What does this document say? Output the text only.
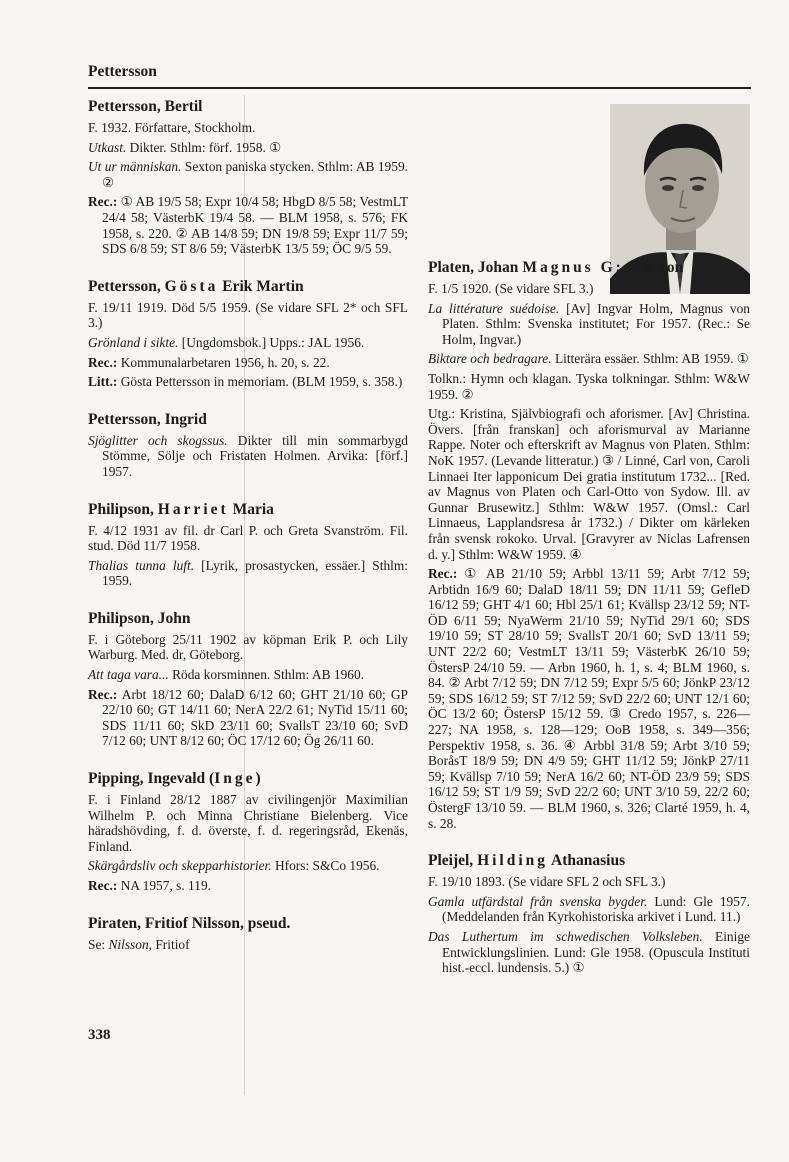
Pettersson
Pettersson, Bertil
F. 1932. Författare, Stockholm.
Utkast. Dikter. Sthlm: förf. 1958. ①
Ut ur människan. Sexton paniska stycken. Sthlm: AB 1959. ②
Rec.: ① AB 19/5 58; Expr 10/4 58; HbgD 8/5 58; VestmLT 24/4 58; VästerbK 19/4 58. — BLM 1958, s. 576; FK 1958, s. 220. ② AB 14/8 59; DN 19/8 59; Expr 11/7 59; SDS 6/8 59; ST 8/6 59; VästerbK 13/5 59; ÖC 9/5 59.
Pettersson, Gösta Erik Martin
F. 19/11 1919. Död 5/5 1959. (Se vidare SFL 2* och SFL 3.)
Grönland i sikte. [Ungdomsbok.] Upps.: JAL 1956.
Rec.: Kommunalarbetaren 1956, h. 20, s. 22.
Litt.: Gösta Pettersson in memoriam. (BLM 1959, s. 358.)
Pettersson, Ingrid
Sjöglitter och skogssus. Dikter till min sommarbygd Stömme, Sölje och Fristaten Holmen. Arvika: [förf.] 1957.
Philipson, Harriet Maria
F. 4/12 1931 av fil. dr Carl P. och Greta Svanström. Fil. stud. Död 11/7 1958.
Thalias tunna luft. [Lyrik, prosastycken, essäer.] Sthlm: 1959.
Philipson, John
F. i Göteborg 25/11 1902 av köpman Erik P. och Lily Warburg. Med. dr, Göteborg.
Att taga vara... Röda korsminnen. Sthlm: AB 1960.
Rec.: Arbt 18/12 60; DalaD 6/12 60; GHT 21/10 60; GP 22/10 60; GT 14/11 60; NerA 22/2 61; NyTid 15/11 60; SDS 11/11 60; SkD 23/11 60; SvallsT 23/10 60; SvD 7/12 60; UNT 8/12 60; ÖC 17/12 60; Ög 26/11 60.
Pipping, Ingevald (Inge)
F. i Finland 28/12 1887 av civilingenjör Maximilian Wilhelm P. och Minna Christiane Bielenberg. Vice häradshövding, f. d. överste, f. d. regeringsråd, Ekenäs, Finland.
Skärgårdsliv och skepparhistorier. Hfors: S&Co 1956.
Rec.: NA 1957, s. 119.
Piraten, Fritiof Nilsson, pseud.
Se: Nilsson, Fritiof
Platen, Johan Magnus G:son von
F. 1/5 1920. (Se vidare SFL 3.)
La littérature suédoise. [Av] Ingvar Holm, Magnus von Platen. Sthlm: Svenska institutet; For 1957. (Rec.: Se Holm, Ingvar.)
Biktare och bedragare. Litterära essäer. Sthlm: AB 1959. ①
Tolkn.: Hymn och klagan. Tyska tolkningar. Sthlm: W&W 1959. ②
Utg.: Kristina, Självbiografi och aforismer. [Av] Christina. Övers. [från franskan] och aforismurval av Marianne Rappe. Noter och efterskrift av Magnus von Platen. Sthlm: NoK 1957. (Levande litteratur.) ③ / Linné, Carl von, Caroli Linnaei Iter lapponicum Dei gratia institutum 1732... [Red. av Magnus von Platen och Carl-Otto von Sydow. Ill. av Gunnar Brusewitz.] Sthlm: W&W 1957. (Omsl.: Carl Linnaeus, Lapplandsresa år 1732.) / Dikter om kärleken från svensk rokoko. Urval. [Gravyrer av Niclas Lafrensen d. y.] Sthlm: W&W 1959. ④
Rec.: ① AB 21/10 59; Arbbl 13/11 59; Arbt 7/12 59; Arbtidn 16/9 60; DalaD 18/11 59; DN 11/11 59; GefleD 16/12 59; GHT 4/1 60; Hbl 25/1 61; Kvällsp 23/12 59; NT-ÖD 6/11 59; NyaWerm 21/10 59; NyTid 29/1 60; SDS 19/10 59; ST 28/10 59; SvallsT 20/1 60; SvD 13/11 59; UNT 22/2 60; VestmLT 13/11 59; VästerbK 26/10 59; ÖstersP 24/10 59. — Arbn 1960, h. 1, s. 4; BLM 1960, s. 84. ② Arbt 7/12 59; DN 7/12 59; Expr 5/5 60; JönkP 23/12 59; SDS 16/12 59; ST 7/12 59; SvD 22/2 60; UNT 12/1 60; ÖC 13/2 60; ÖstersP 15/12 59. ③ Credo 1957, s. 226—227; NA 1958, s. 128—129; OoB 1958, s. 349—356; Perspektiv 1958, s. 36. ④ Arbbl 31/8 59; Arbt 3/10 59; BoråsT 18/9 59; DN 4/9 59; GHT 11/12 59; JönkP 27/11 59; Kvällsp 7/10 59; NerA 16/2 60; NT-ÖD 23/9 59; SDS 16/12 59; ST 1/9 59; SvD 22/2 60; UNT 3/10 59, 22/2 60; ÖstergF 13/10 59. — BLM 1960, s. 326; Clarté 1959, h. 4, s. 28.
Pleijel, Hilding Athanasius
F. 19/10 1893. (Se vidare SFL 2 och SFL 3.)
Gamla utfärdstal från svenska bygder. Lund: Gle 1957. (Meddelanden från Kyrkohistoriska arkivet i Lund. 11.)
Das Luthertum im schwedischen Volksleben. Einige Entwicklungslinien. Lund: Gle 1958. (Opuscula Instituti hist.-eccl. lundensis. 5.) ①
338
